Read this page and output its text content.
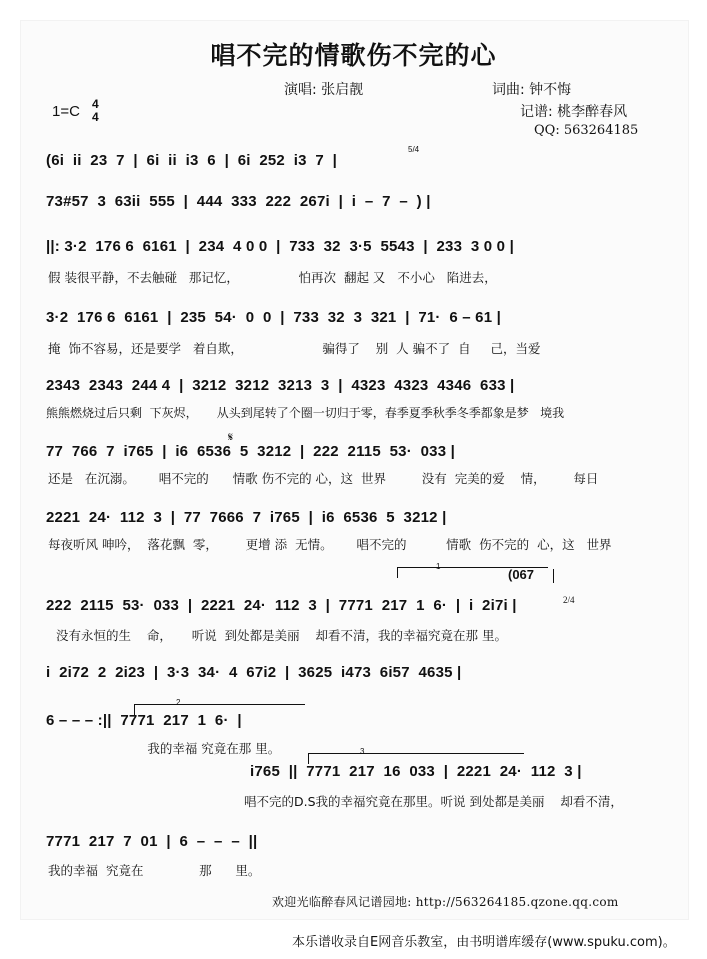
唱不完的情歌伤不完的心
演唱: 张启靓	词曲: 钟不悔
记谱: 桃李醉春风
QQ: 563264185
1=C 4
4
(6i  ii  23  7  |  6i  ii  i3  6  |  6i  252  i3  7  |
73#57  3  63ii  555  |  444  333  222  267i  |  i  –  7  –  ) |
||: 3·2  176 6  6161  |  234  4 0 0  |  733  32  3·5  5543  |  233  3 0 0 |
假 装很平静，不去触碰   那记忆，               怕再次  翻起 又   不小心   陷进去，
3·2  176 6  6161  |  235  54·  0  0  |  733  32  3  321  |  71·  6 – 61 |
掩  饰不容易，还是要学   着自欺，                    骗得了    别  人 骗不了  自     己，当爱
2343  2343  244 4  |  3212  3212  3213  3  |  4323  4323  4346  633 |
熊熊燃烧过后只剩  下灰烬，     从头到尾转了个圈一切归于零，春季夏季秋季冬季都象是梦   境我
𝄋
77  766  7  i765  |  i6  6536  5  3212  |  222  2115  53·  033 |
还是   在沉溺。      唱不完的      情歌 伤不完的 心，这  世界         没有  完美的爱    情，       每日
2221  24·  112  3  |  77  7666  7  i765  |  i6  6536  5  3212 |
每夜听风 呻吟，  落花飘  零，       更增 添  无情。      唱不完的          情歌  伤不完的  心，这   世界
1
(067
222  2115  53·  033  |  2221  24·  112  3  |  7771  217  1  6·  |  i  2i7i |	2/4
没有永恒的生    命，     听说  到处都是美丽    却看不清，我的幸福究竟在那 里。
i  2i72  2  2i23  |  3·3  34·  4  67i2  |  3625  i473  6i57  4635 |
2
6 – – – :||  7771  217  1  6·  |
我的幸福 究竟在那 里。	3
i765  ||  7771  217  16  033  |  2221  24·  112  3 |
唱不完的D.S我的幸福究竟在那里。听说 到处都是美丽    却看不清，
7771  217  7  01  |  6  –  –  –  ||
我的幸福  究竟在              那      里。
欢迎光临醉春风记谱园地: http://563264185.qzone.qq.com
本乐谱收录自E网音乐教室，由书明谱库缓存(www.spuku.com)。
5/4
